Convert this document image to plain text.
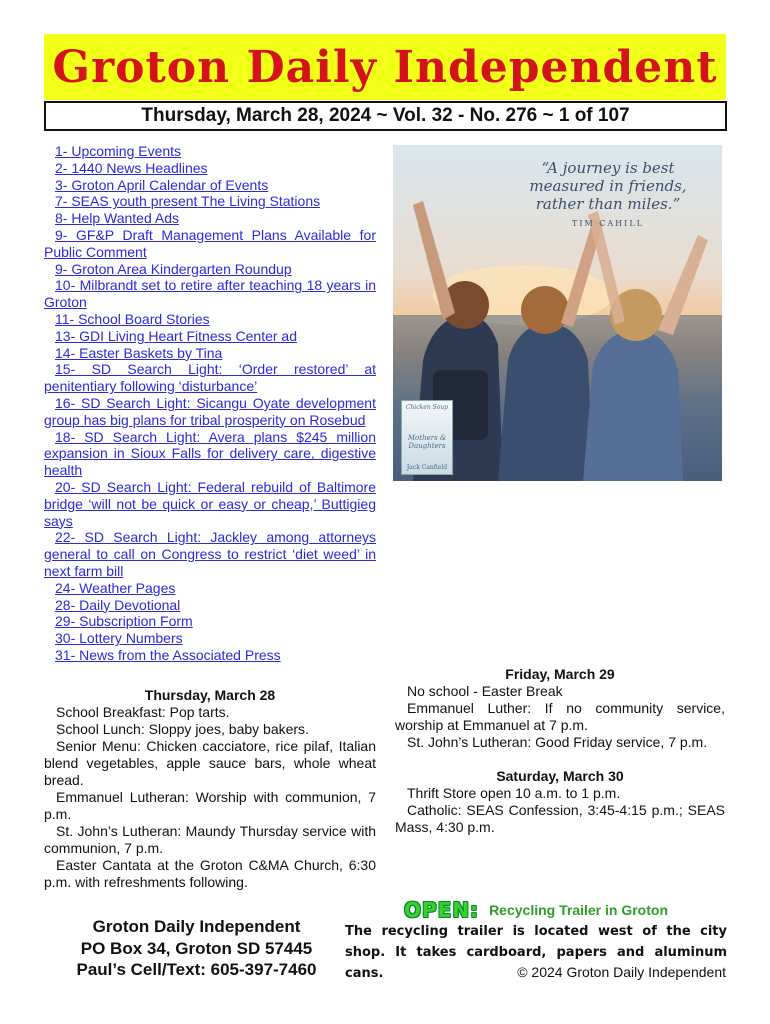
Groton Daily Independent
Thursday, March 28, 2024 ~ Vol. 32 - No. 276 ~ 1 of 107
1- Upcoming Events
2- 1440 News Headlines
3- Groton April Calendar of Events
7- SEAS youth present The Living Stations
8- Help Wanted Ads
9- GF&P Draft Management Plans Available for Public Comment
9- Groton Area Kindergarten Roundup
10- Milbrandt set to retire after teaching 18 years in Groton
11- School Board Stories
13- GDI Living Heart Fitness Center ad
14- Easter Baskets by Tina
15- SD Search Light: ‘Order restored’ at penitentiary following ‘disturbance’
16- SD Search Light: Sicangu Oyate development group has big plans for tribal prosperity on Rosebud
18- SD Search Light: Avera plans $245 million expansion in Sioux Falls for delivery care, digestive health
20- SD Search Light: Federal rebuild of Baltimore bridge ‘will not be quick or easy or cheap,’ Buttigieg says
22- SD Search Light: Jackley among attorneys general to call on Congress to restrict ‘diet weed’ in next farm bill
24- Weather Pages
28- Daily Devotional
29- Subscription Form
30- Lottery Numbers
31- News from the Associated Press
“A journey is best measured in friends, rather than miles.”
TIM CAHILL
Chicken Soup
Mothers & Daughters
Jack Canfield

Thursday, March 28

School Breakfast: Pop tarts.

School Lunch: Sloppy joes, baby bakers.

Senior Menu: Chicken cacciatore, rice pilaf, Italian blend vegetables, apple sauce bars, whole wheat bread.

Emmanuel Lutheran: Worship with communion, 7 p.m.

St. John’s Lutheran: Maundy Thursday service with communion, 7 p.m.

Easter Cantata at the Groton C&MA Church, 6:30 p.m. with refreshments following.

Friday, March 29

No school - Easter Break

Emmanuel Luther: If no community service, worship at Emmanuel at 7 p.m.

St. John’s Lutheran: Good Friday service, 7 p.m.

Saturday, March 30

Thrift Store open 10 a.m. to 1 p.m.

Catholic: SEAS Confession, 3:45-4:15 p.m.; SEAS Mass, 4:30 p.m.

Groton Daily Independent
PO Box 34, Groton SD 57445
Paul’s Cell/Text: 605-397-7460
OPEN: Recycling Trailer in Groton
The recycling trailer is located west of the city shop. It takes cardboard, papers and aluminum cans.	© 2024 Groton Daily Independent
